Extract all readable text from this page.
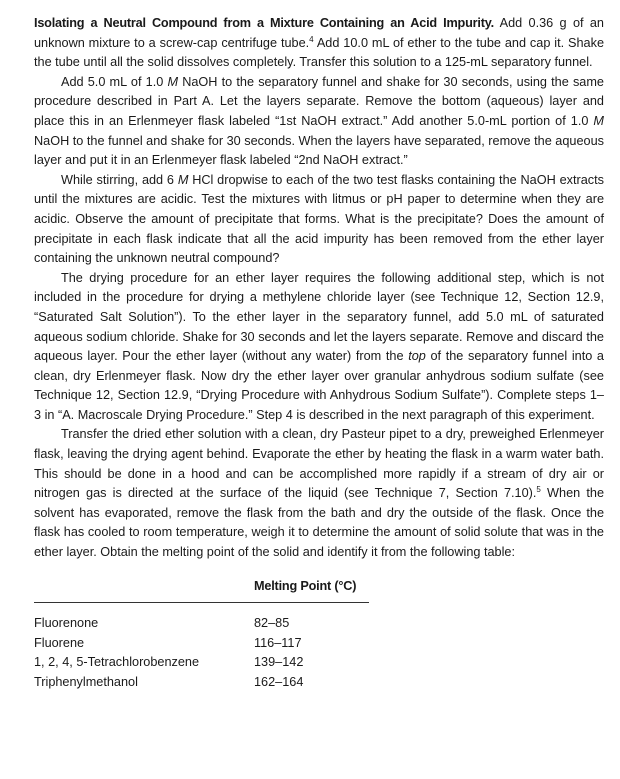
Isolating a Neutral Compound from a Mixture Containing an Acid Impurity. Add 0.36 g of an unknown mixture to a screw-cap centrifuge tube.$^4$ Add 10.0 mL of ether to the tube and cap it. Shake the tube until all the solid dissolves completely. Transfer this solution to a 125-mL separatory funnel.

Add 5.0 mL of 1.0 M NaOH to the separatory funnel and shake for 30 seconds, using the same procedure described in Part A. Let the layers separate. Remove the bottom (aqueous) layer and place this in an Erlenmeyer flask labeled “1st NaOH extract.” Add another 5.0-mL portion of 1.0 M NaOH to the funnel and shake for 30 seconds. When the layers have separated, remove the aqueous layer and put it in an Erlenmeyer flask labeled “2nd NaOH extract.”

While stirring, add 6 M HCl dropwise to each of the two test flasks containing the NaOH extracts until the mixtures are acidic. Test the mixtures with litmus or pH paper to determine when they are acidic. Observe the amount of precipitate that forms. What is the precipitate? Does the amount of precipitate in each flask indicate that all the acid impurity has been removed from the ether layer containing the unknown neutral compound?

The drying procedure for an ether layer requires the following additional step, which is not included in the procedure for drying a methylene chloride layer (see Technique 12, Section 12.9, “Saturated Salt Solution”). To the ether layer in the separatory funnel, add 5.0 mL of saturated aqueous sodium chloride. Shake for 30 seconds and let the layers separate. Remove and discard the aqueous layer. Pour the ether layer (without any water) from the top of the separatory funnel into a clean, dry Erlenmeyer flask. Now dry the ether layer over granular anhydrous sodium sulfate (see Technique 12, Section 12.9, “Drying Procedure with Anhydrous Sodium Sulfate”). Complete steps 1–3 in “A. Macroscale Drying Procedure.” Step 4 is described in the next paragraph of this experiment.

Transfer the dried ether solution with a clean, dry Pasteur pipet to a dry, preweighed Erlenmeyer flask, leaving the drying agent behind. Evaporate the ether by heating the flask in a warm water bath. This should be done in a hood and can be accomplished more rapidly if a stream of dry air or nitrogen gas is directed at the surface of the liquid (see Technique 7, Section 7.10).$^5$ When the solvent has evaporated, remove the flask from the bath and dry the outside of the flask. Once the flask has cooled to room temperature, weigh it to determine the amount of solid solute that was in the ether layer. Obtain the melting point of the solid and identify it from the following table:

	Melting Point (°C)
Fluorenone	82–85
Fluorene	116–117
1, 2, 4, 5-Tetrachlorobenzene	139–142
Triphenylmethanol	162–164
